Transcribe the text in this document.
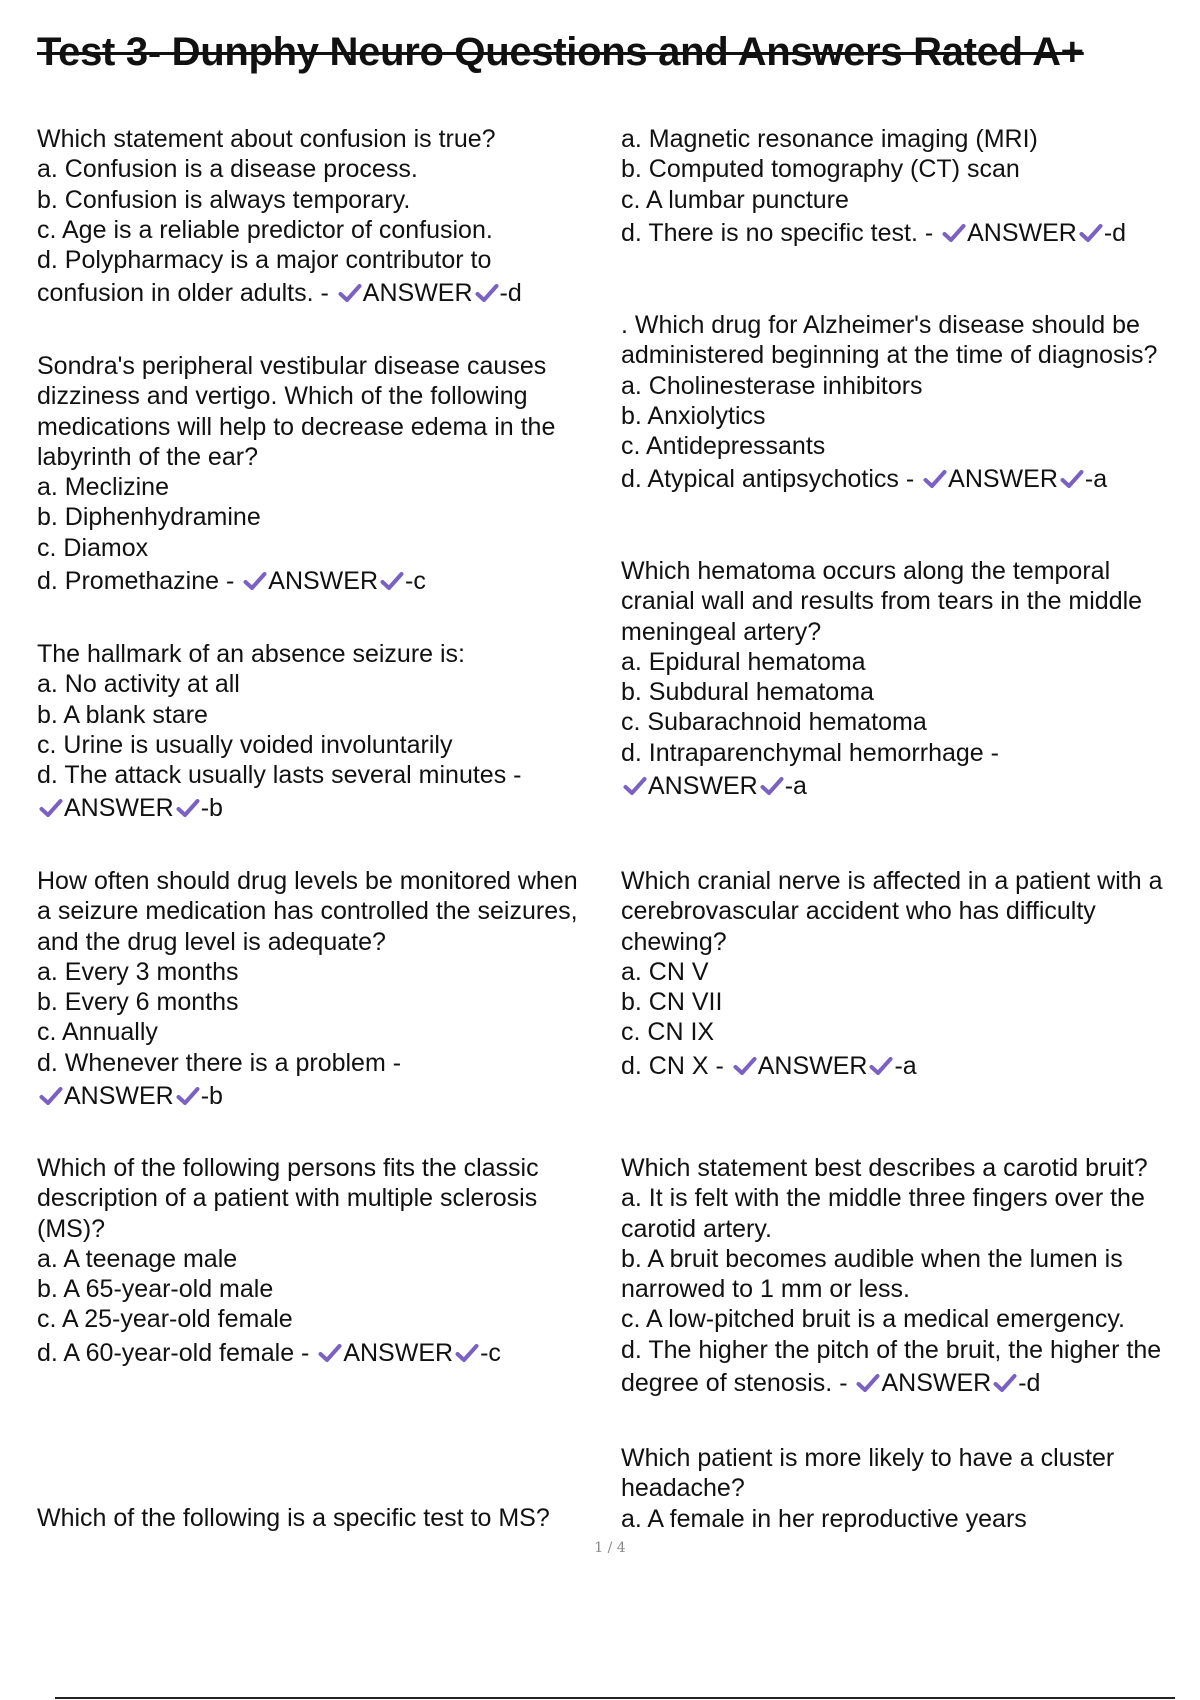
Test 3- Dunphy Neuro Questions and Answers Rated A+
Which statement about confusion is true?
a. Confusion is a disease process.
b. Confusion is always temporary.
c. Age is a reliable predictor of confusion.
d. Polypharmacy is a major contributor to
confusion in older adults. - ANSWER -d
Sondra's peripheral vestibular disease causes
dizziness and vertigo. Which of the following
medications will help to decrease edema in the
labyrinth of the ear?
a. Meclizine
b. Diphenhydramine
c. Diamox
d. Promethazine - ANSWER -c
The hallmark of an absence seizure is:
a. No activity at all
b. A blank stare
c. Urine is usually voided involuntarily
d. The attack usually lasts several minutes -
ANSWER -b
How often should drug levels be monitored when
a seizure medication has controlled the seizures,
and the drug level is adequate?
a. Every 3 months
b. Every 6 months
c. Annually
d. Whenever there is a problem -
ANSWER -b
Which of the following persons fits the classic
description of a patient with multiple sclerosis
(MS)?
a. A teenage male
b. A 65-year-old male
c. A 25-year-old female
d. A 60-year-old female - ANSWER -c
Which of the following is a specific test to MS?
a. Magnetic resonance imaging (MRI)
b. Computed tomography (CT) scan
c. A lumbar puncture
d. There is no specific test. - ANSWER -d
. Which drug for Alzheimer's disease should be
administered beginning at the time of diagnosis?
a. Cholinesterase inhibitors
b. Anxiolytics
c. Antidepressants
d. Atypical antipsychotics - ANSWER -a
Which hematoma occurs along the temporal
cranial wall and results from tears in the middle
meningeal artery?
a. Epidural hematoma
b. Subdural hematoma
c. Subarachnoid hematoma
d. Intraparenchymal hemorrhage -
ANSWER -a
Which cranial nerve is affected in a patient with a
cerebrovascular accident who has difficulty
chewing?
a. CN V
b. CN VII
c. CN IX
d. CN X - ANSWER -a
Which statement best describes a carotid bruit?
a. It is felt with the middle three fingers over the
carotid artery.
b. A bruit becomes audible when the lumen is
narrowed to 1 mm or less.
c. A low-pitched bruit is a medical emergency.
d. The higher the pitch of the bruit, the higher the
degree of stenosis. - ANSWER -d
Which patient is more likely to have a cluster
headache?
a. A female in her reproductive years
1 / 4
